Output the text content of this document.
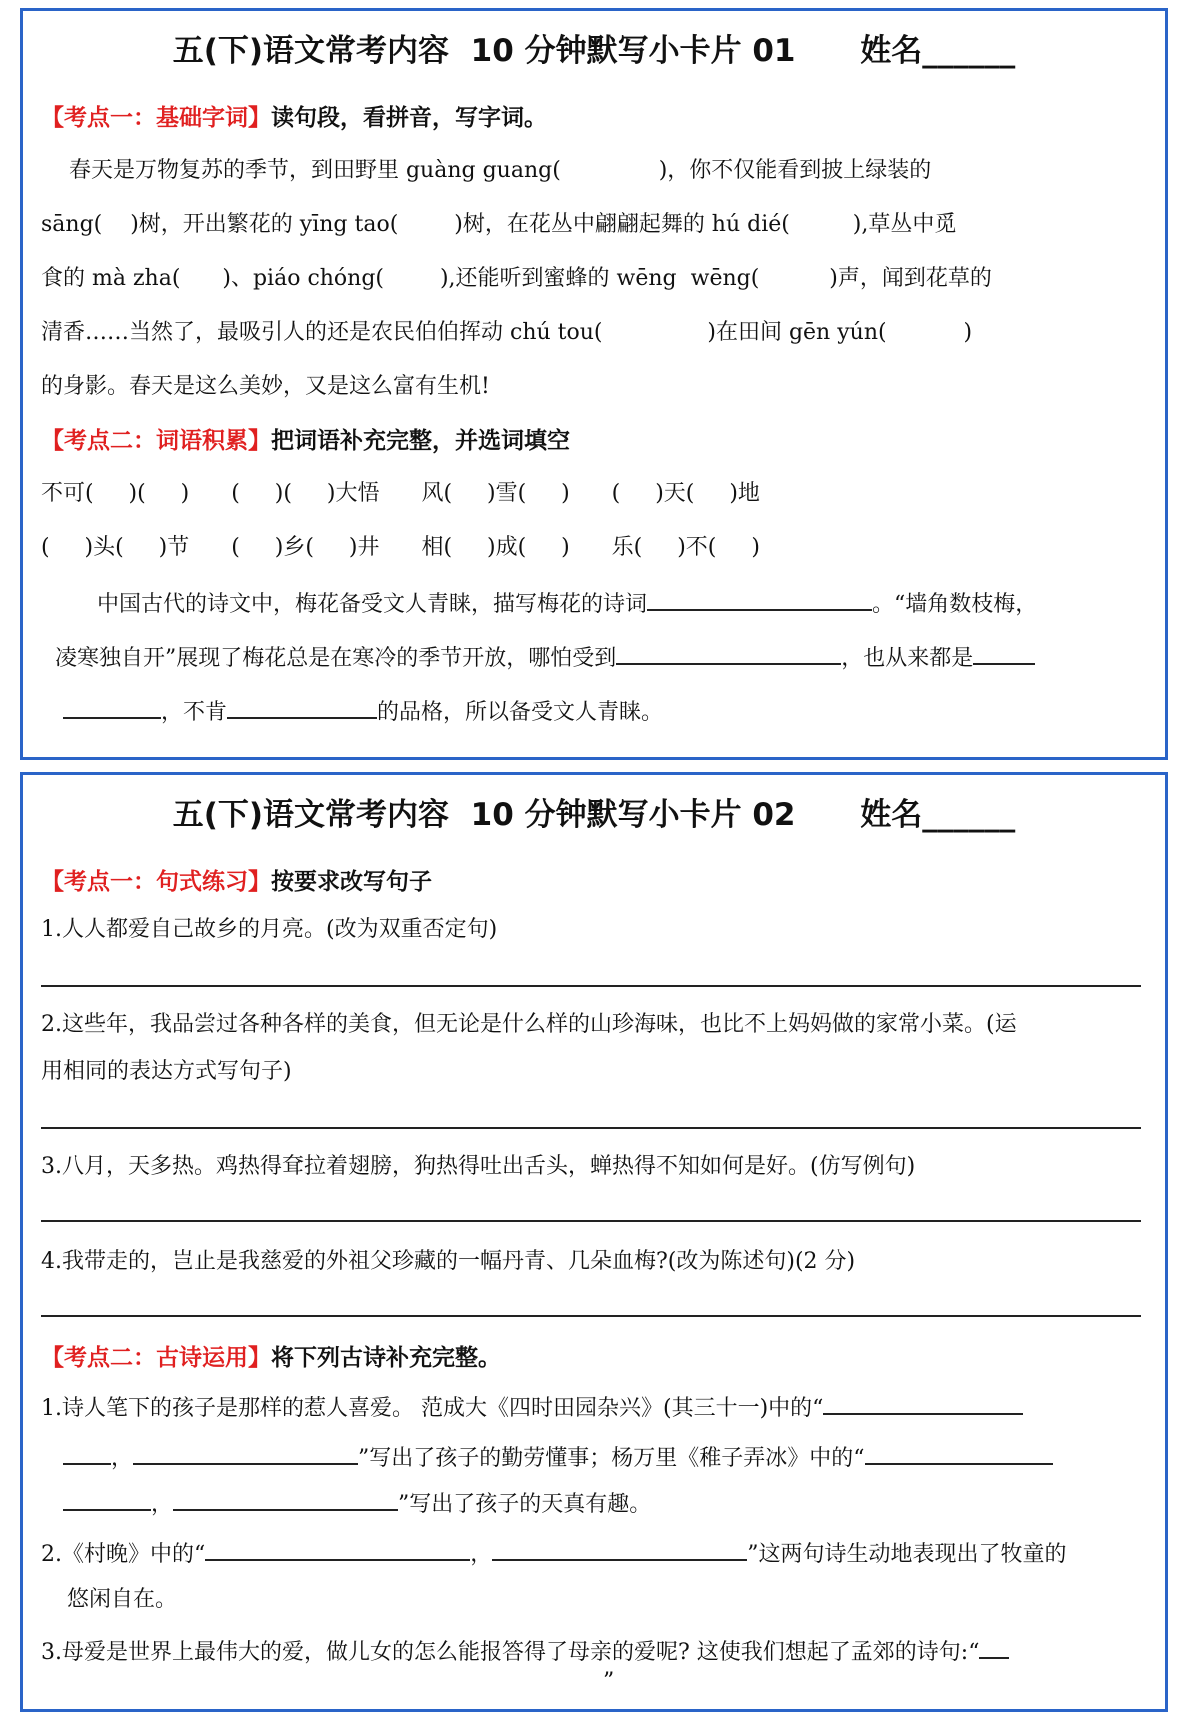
五(下)语文常考内容  10 分钟默写小卡片 01      姓名______
【考点一：基础字词】读句段，看拼音，写字词。
春天是万物复苏的季节，到田野里 guàng guang(              )，你不仅能看到披上绿装的
sāng(    )树，开出繁花的 yīng tao(        )树，在花丛中翩翩起舞的 hú dié(         ),草丛中觅
食的 mà zha(      )、piáo chóng(        ),还能听到蜜蜂的 wēng  wēng(          )声，闻到花草的
清香……当然了，最吸引人的还是农民伯伯挥动 chú tou(               )在田间 gēn yún(           )
的身影。春天是这么美妙，又是这么富有生机!
【考点二：词语积累】把词语补充完整，并选词填空
不可(     )(     )      (     )(     )大悟      风(     )雪(     )      (     )天(     )地
(     )头(     )节      (     )乡(     )井      相(     )成(     )      乐(     )不(     )
中国古代的诗文中，梅花备受文人青睐，描写梅花的诗词	。“墙角数枝梅，
凌寒独自开”展现了梅花总是在寒冷的季节开放，哪怕受到	，也从来都是
，不肯	的品格，所以备受文人青睐。
五(下)语文常考内容  10 分钟默写小卡片 02      姓名______
【考点一：句式练习】按要求改写句子
1.人人都爱自己故乡的月亮。(改为双重否定句)
2.这些年，我品尝过各种各样的美食，但无论是什么样的山珍海味，也比不上妈妈做的家常小菜。(运
用相同的表达方式写句子)
3.八月，天多热。鸡热得耷拉着翅膀，狗热得吐出舌头，蝉热得不知如何是好。(仿写例句)
4.我带走的，岂止是我慈爱的外祖父珍藏的一幅丹青、几朵血梅?(改为陈述句)(2 分)
【考点二：古诗运用】将下列古诗补充完整。
1.诗人笔下的孩子是那样的惹人喜爱。 范成大《四时田园杂兴》(其三十一)中的“
，	”写出了孩子的勤劳懂事；杨万里《稚子弄冰》中的“
，	”写出了孩子的天真有趣。
2.《村晚》中的“	，	”这两句诗生动地表现出了牧童的
悠闲自在。
3.母爱是世界上最伟大的爱，做儿女的怎么能报答得了母亲的爱呢? 这使我们想起了孟郊的诗句:“
”
